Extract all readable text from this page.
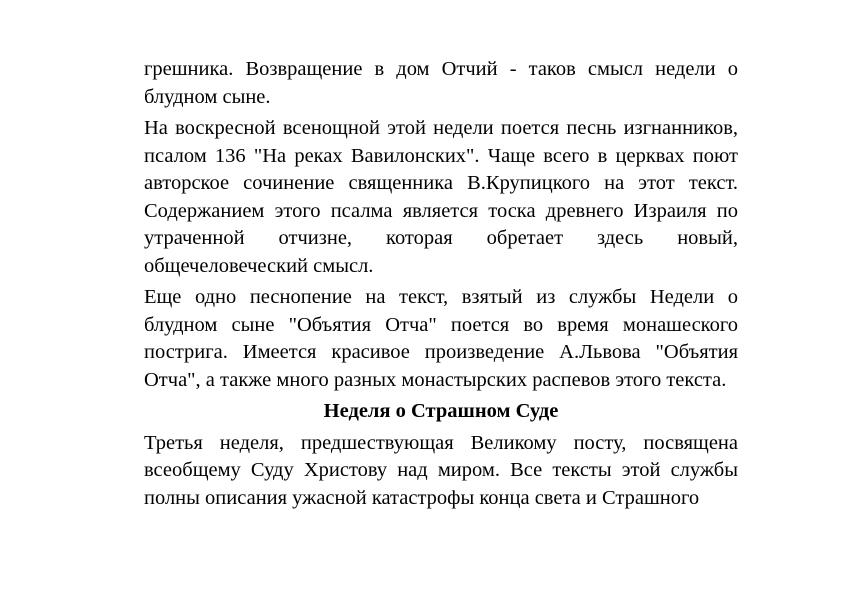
грешника. Возвращение в дом Отчий - таков смысл недели о блудном сыне.

На воскресной всенощной этой недели поется песнь изгнанников, псалом 136 "На реках Вавилонских". Чаще всего в церквах поют авторское сочинение священника В.Крупицкого на этот текст. Содержанием этого псалма является тоска древнего Израиля по утраченной отчизне, которая обретает здесь новый, общечеловеческий смысл.

Еще одно песнопение на текст, взятый из службы Недели о блудном сыне "Объятия Отча" поется во время монашеского пострига. Имеется красивое произведение А.Львова "Объятия Отча", а также много разных монастырских распевов этого текста.

Неделя о Страшном Суде

Третья неделя, предшествующая Великому посту, посвящена всеобщему Суду Христову над миром. Все тексты этой службы полны описания ужасной катастрофы конца света и Страшного
